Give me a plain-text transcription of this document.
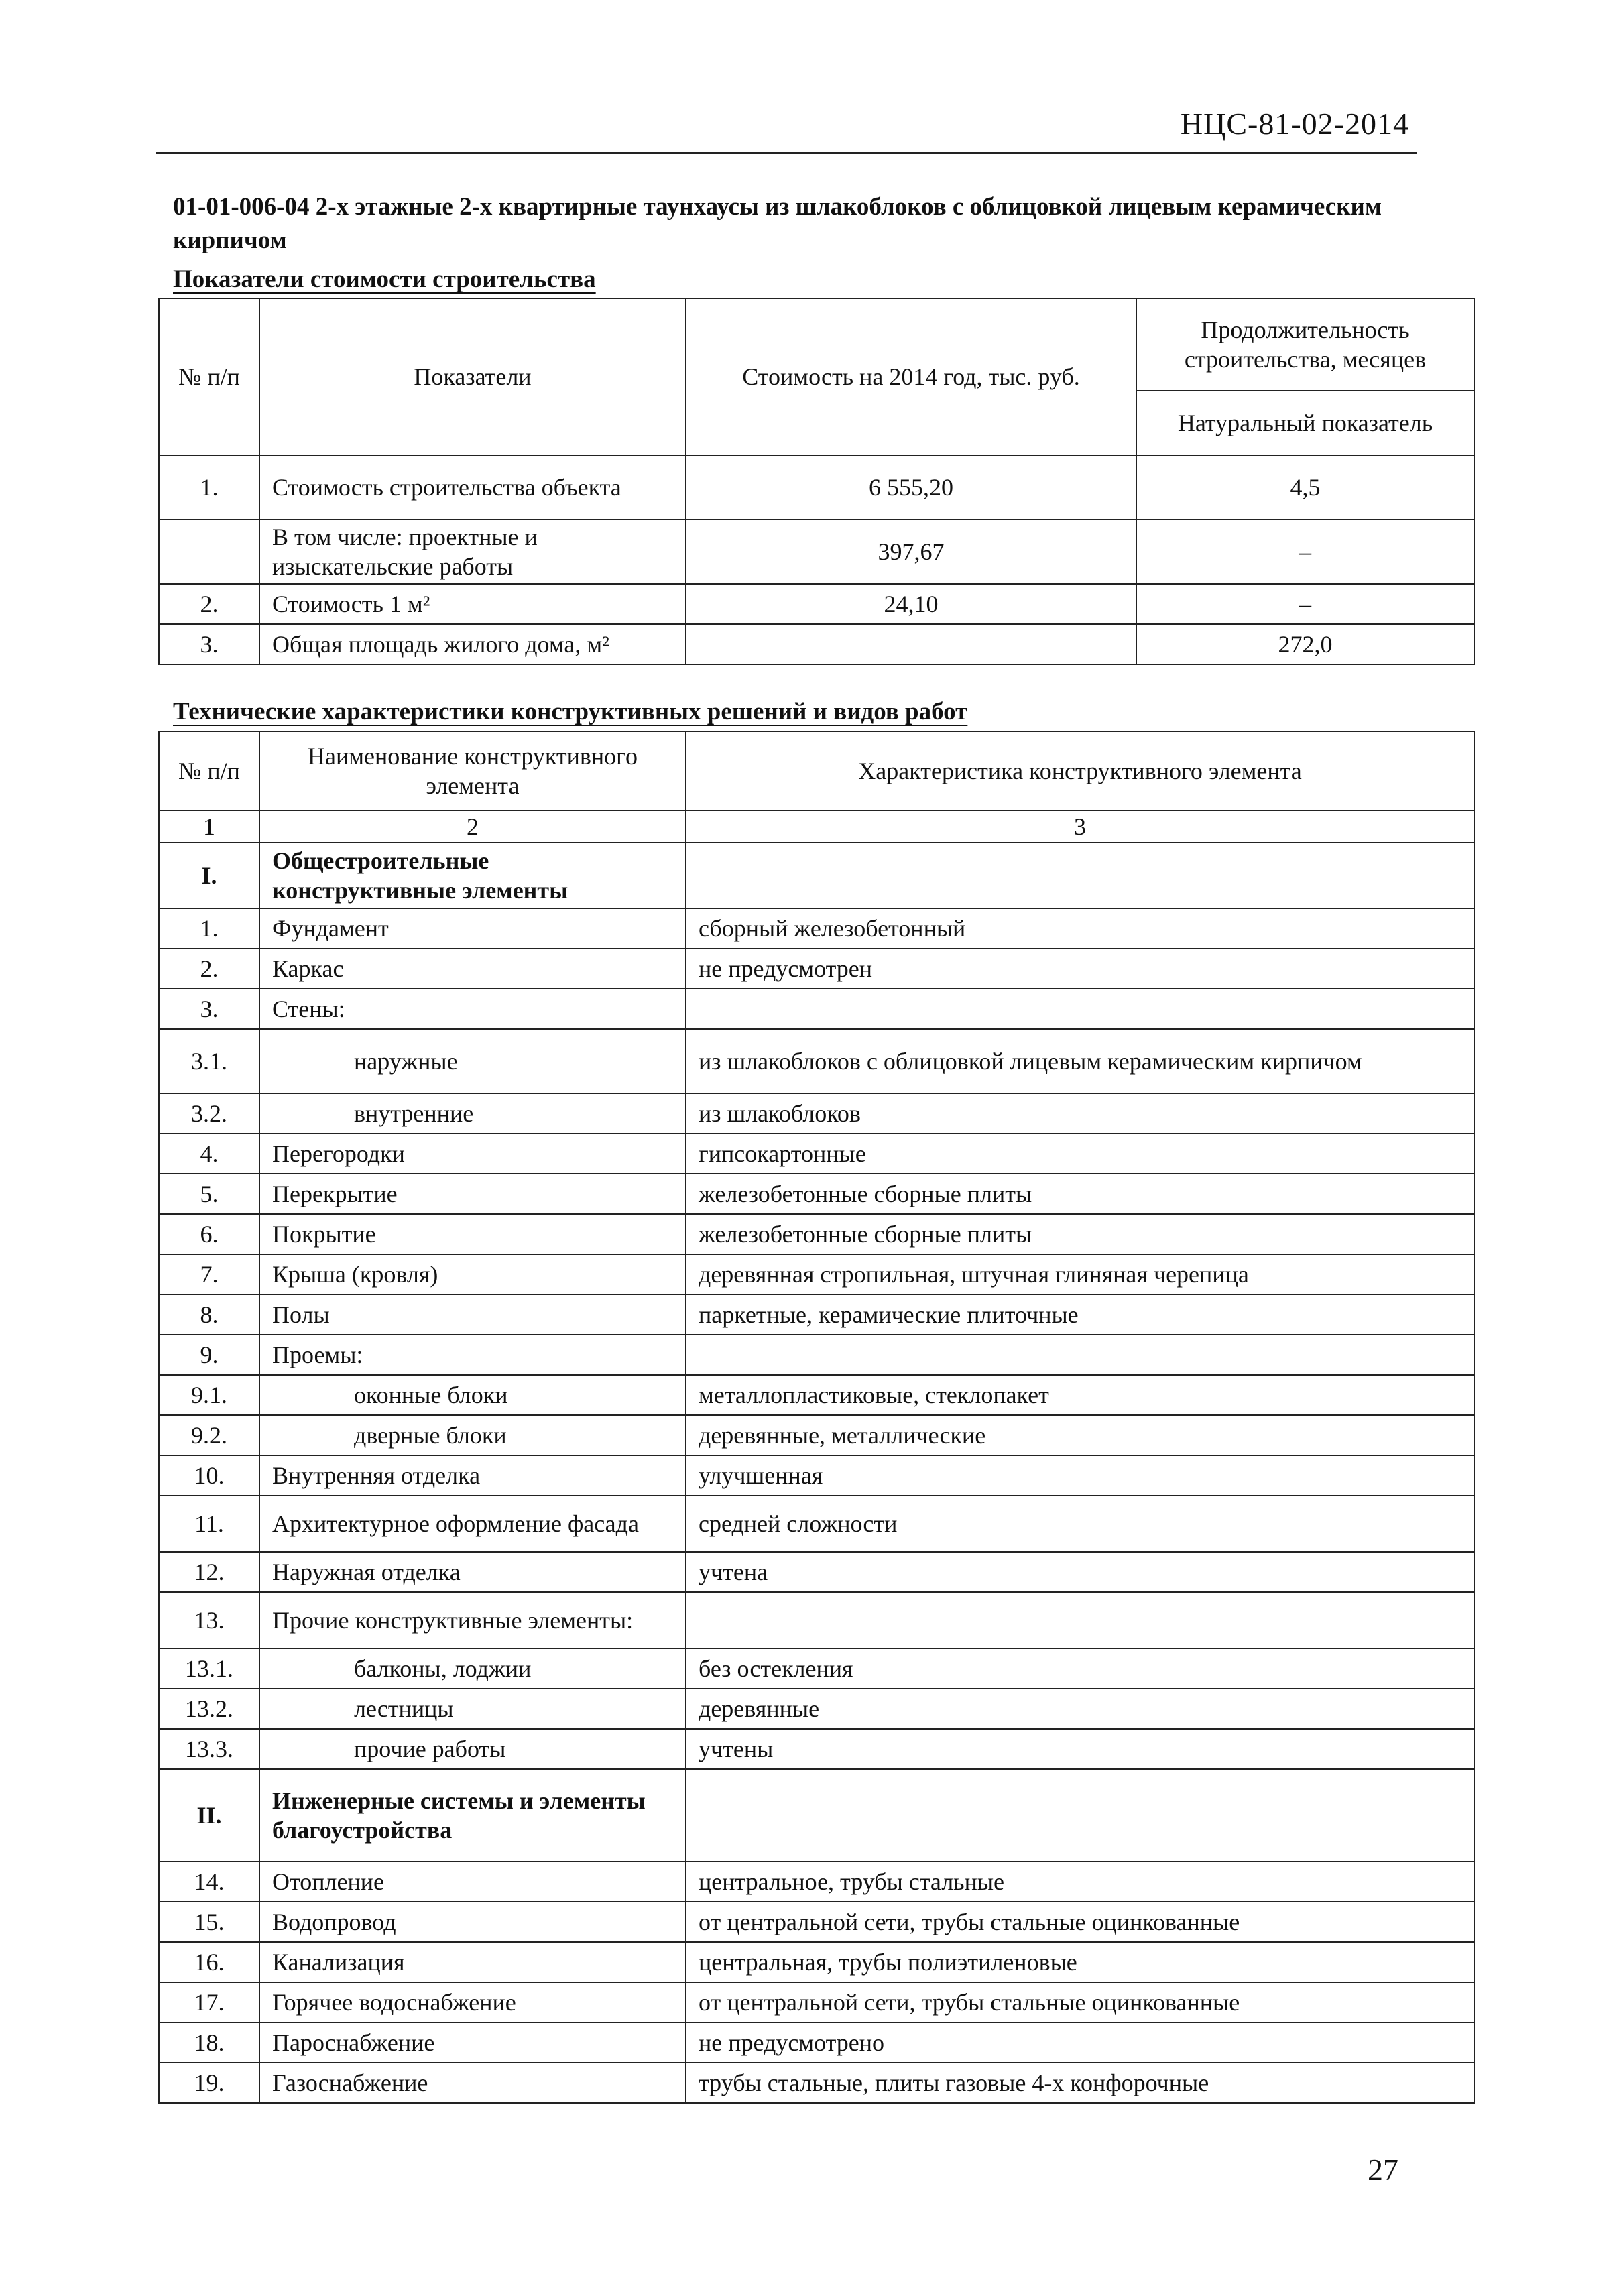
НЦС-81-02-2014
01-01-006-04 2-х этажные 2-х квартирные таунхаусы из шлакоблоков с облицовкой лицевым керамическим кирпичом
Показатели стоимости строительства
№ п/п	Показатели	Стоимость на 2014 год, тыс. руб.	Продолжительность строительства, месяцев
			Натуральный показатель
1.	Стоимость строительства объекта	6 555,20	4,5
	В том числе: проектные и изыскательские работы	397,67	–
2.	Стоимость 1 м²	24,10	–
3.	Общая площадь жилого дома, м²		272,0
Технические характеристики конструктивных решений и видов работ
№ п/п	Наименование конструктивного элемента	Характеристика конструктивного элемента
1	2	3
I.	Общестроительные конструктивные элементы	
1.	Фундамент	сборный железобетонный
2.	Каркас	не предусмотрен
3.	Стены:	
3.1.	наружные	из шлакоблоков с облицовкой лицевым керамическим кирпичом
3.2.	внутренние	из шлакоблоков
4.	Перегородки	гипсокартонные
5.	Перекрытие	железобетонные сборные плиты
6.	Покрытие	железобетонные сборные плиты
7.	Крыша (кровля)	деревянная стропильная, штучная глиняная черепица
8.	Полы	паркетные, керамические плиточные
9.	Проемы:	
9.1.	оконные блоки	металлопластиковые, стеклопакет
9.2.	дверные блоки	деревянные, металлические
10.	Внутренняя отделка	улучшенная
11.	Архитектурное оформление фасада	средней сложности
12.	Наружная отделка	учтена
13.	Прочие конструктивные элементы:	
13.1.	балконы, лоджии	без остекления
13.2.	лестницы	деревянные
13.3.	прочие работы	учтены
II.	Инженерные системы и элементы благоустройства	
14.	Отопление	центральное, трубы стальные
15.	Водопровод	от центральной сети, трубы стальные оцинкованные
16.	Канализация	центральная, трубы полиэтиленовые
17.	Горячее водоснабжение	от центральной сети, трубы стальные оцинкованные
18.	Пароснабжение	не предусмотрено
19.	Газоснабжение	трубы стальные, плиты газовые 4-х конфорочные
27
